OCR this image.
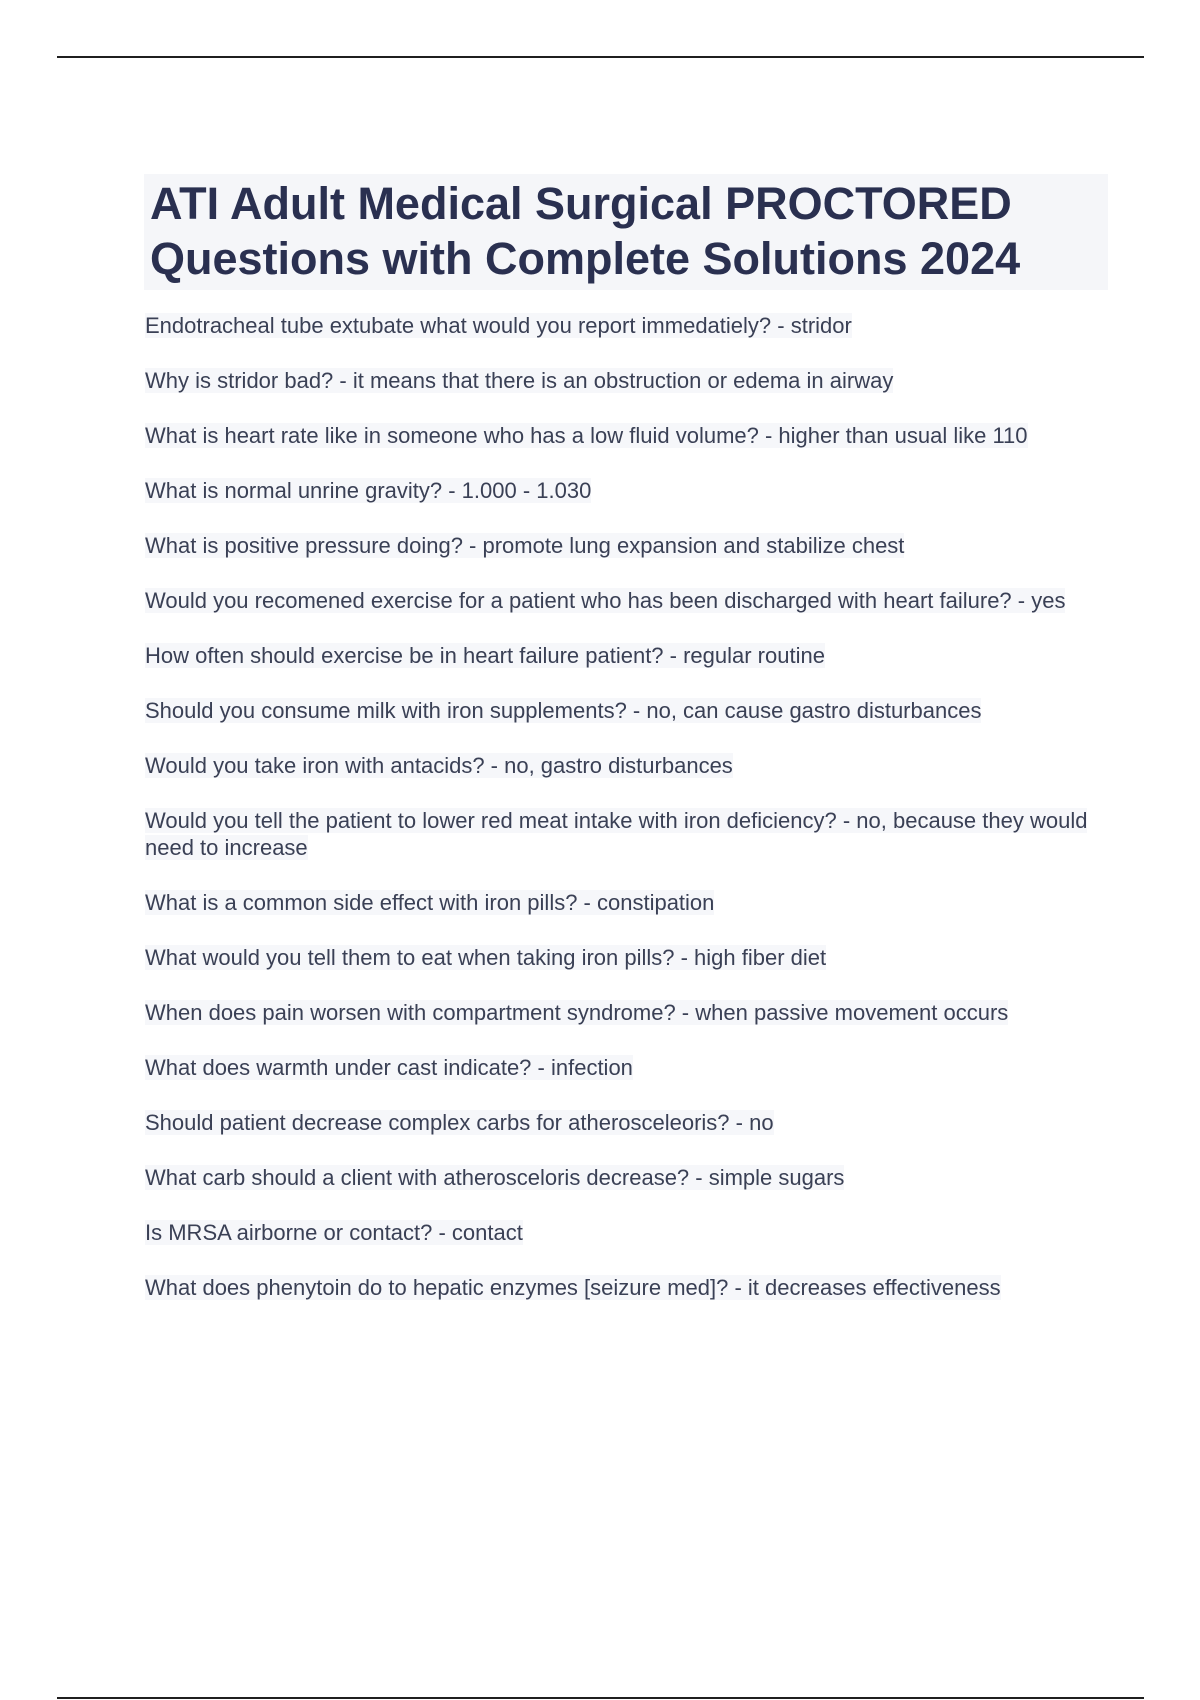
ATI Adult Medical Surgical PROCTORED Questions with Complete Solutions 2024
Endotracheal tube extubate what would you report immedatiely? - stridor
Why is stridor bad? - it means that there is an obstruction or edema in airway
What is heart rate like in someone who has a low fluid volume? - higher than usual like 110
What is normal unrine gravity? - 1.000 - 1.030
What is positive pressure doing? - promote lung expansion and stabilize chest
Would you recomened exercise for a patient who has been discharged with heart failure? - yes
How often should exercise be in heart failure patient? - regular routine
Should you consume milk with iron supplements? - no, can cause gastro disturbances
Would you take iron with antacids? - no, gastro disturbances
Would you tell the patient to lower red meat intake with iron deficiency? - no, because they would need to increase
What is a common side effect with iron pills? - constipation
What would you tell them to eat when taking iron pills? - high fiber diet
When does pain worsen with compartment syndrome? - when passive movement occurs
What does warmth under cast indicate? - infection
Should patient decrease complex carbs for atherosceleoris? - no
What carb should a client with atheroscelоris decrease? - simple sugars
Is MRSA airborne or contact? - contact
What does phenytoin do to hepatic enzymes [seizure med]? - it decreases effectiveness
